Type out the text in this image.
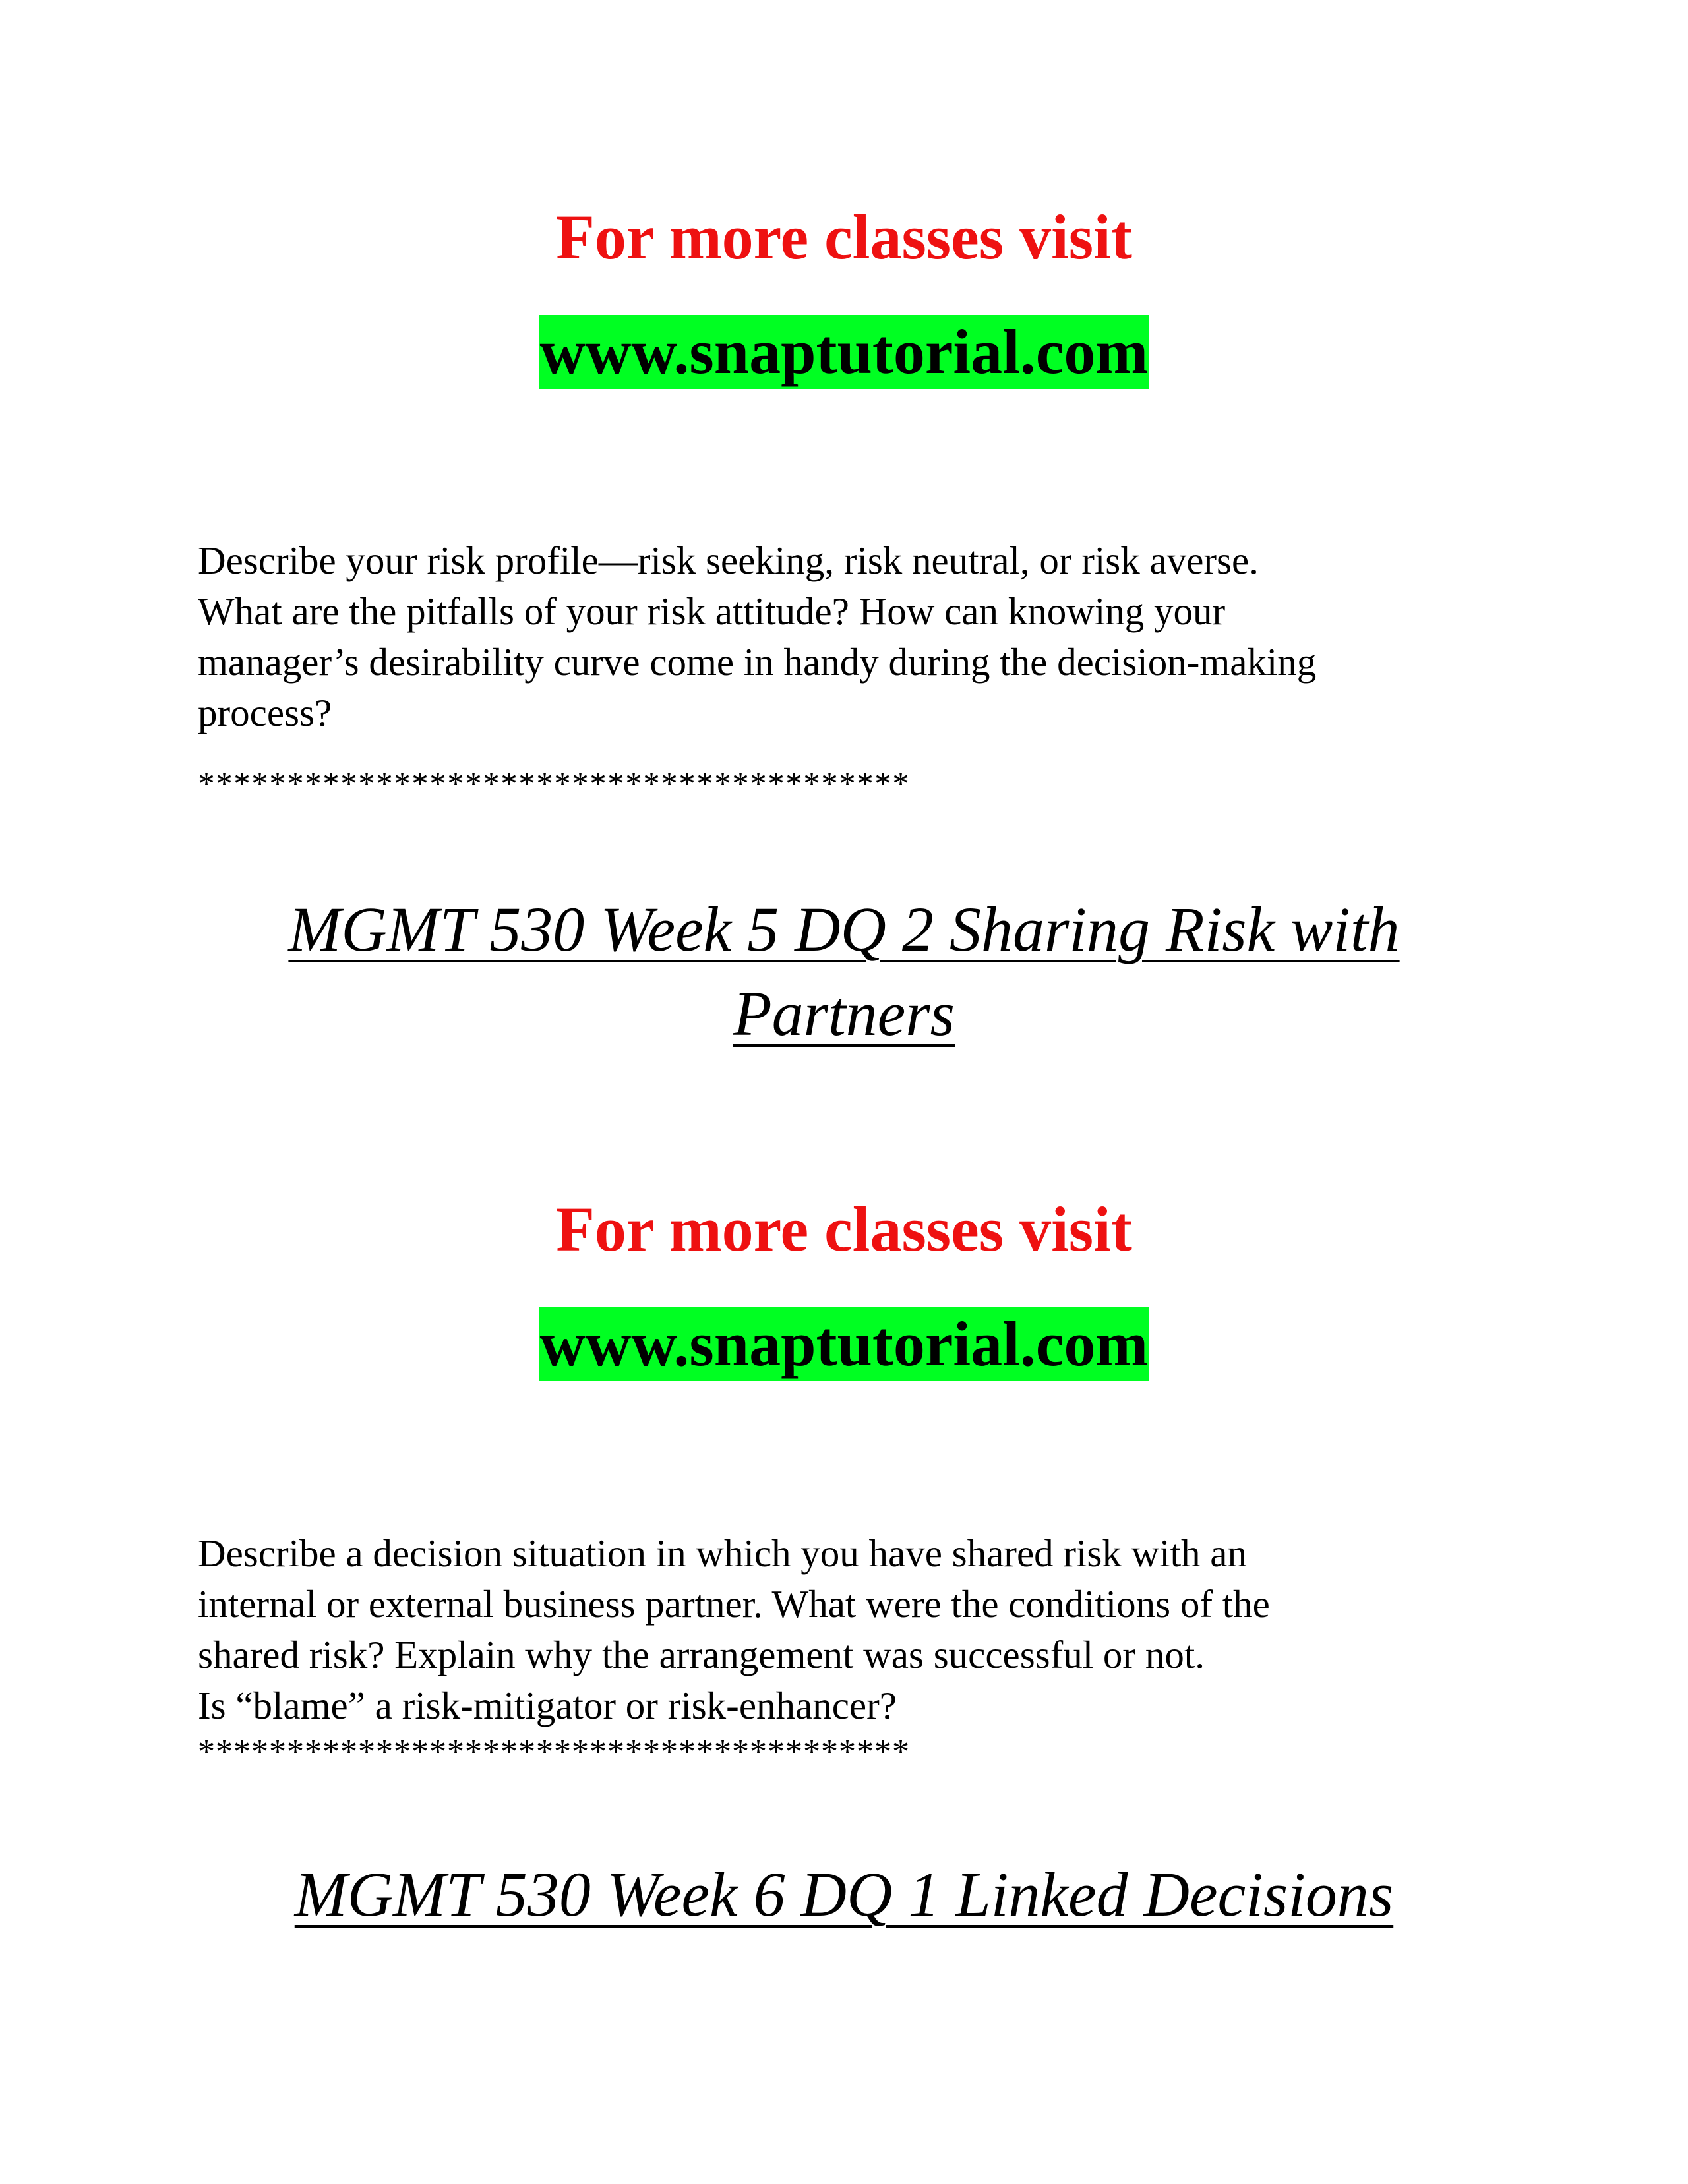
For more classes visit
www.snaptutorial.com
Describe your risk profile—risk seeking, risk neutral, or risk averse.
What are the pitfalls of your risk attitude? How can knowing your
manager’s desirability curve come in handy during the decision-making
process?
****************************************
MGMT 530 Week 5 DQ 2 Sharing Risk with
Partners
For more classes visit
www.snaptutorial.com
Describe a decision situation in which you have shared risk with an
internal or external business partner. What were the conditions of the
shared risk? Explain why the arrangement was successful or not.
Is “blame” a risk-mitigator or risk-enhancer?
****************************************
MGMT 530 Week 6 DQ 1 Linked Decisions
